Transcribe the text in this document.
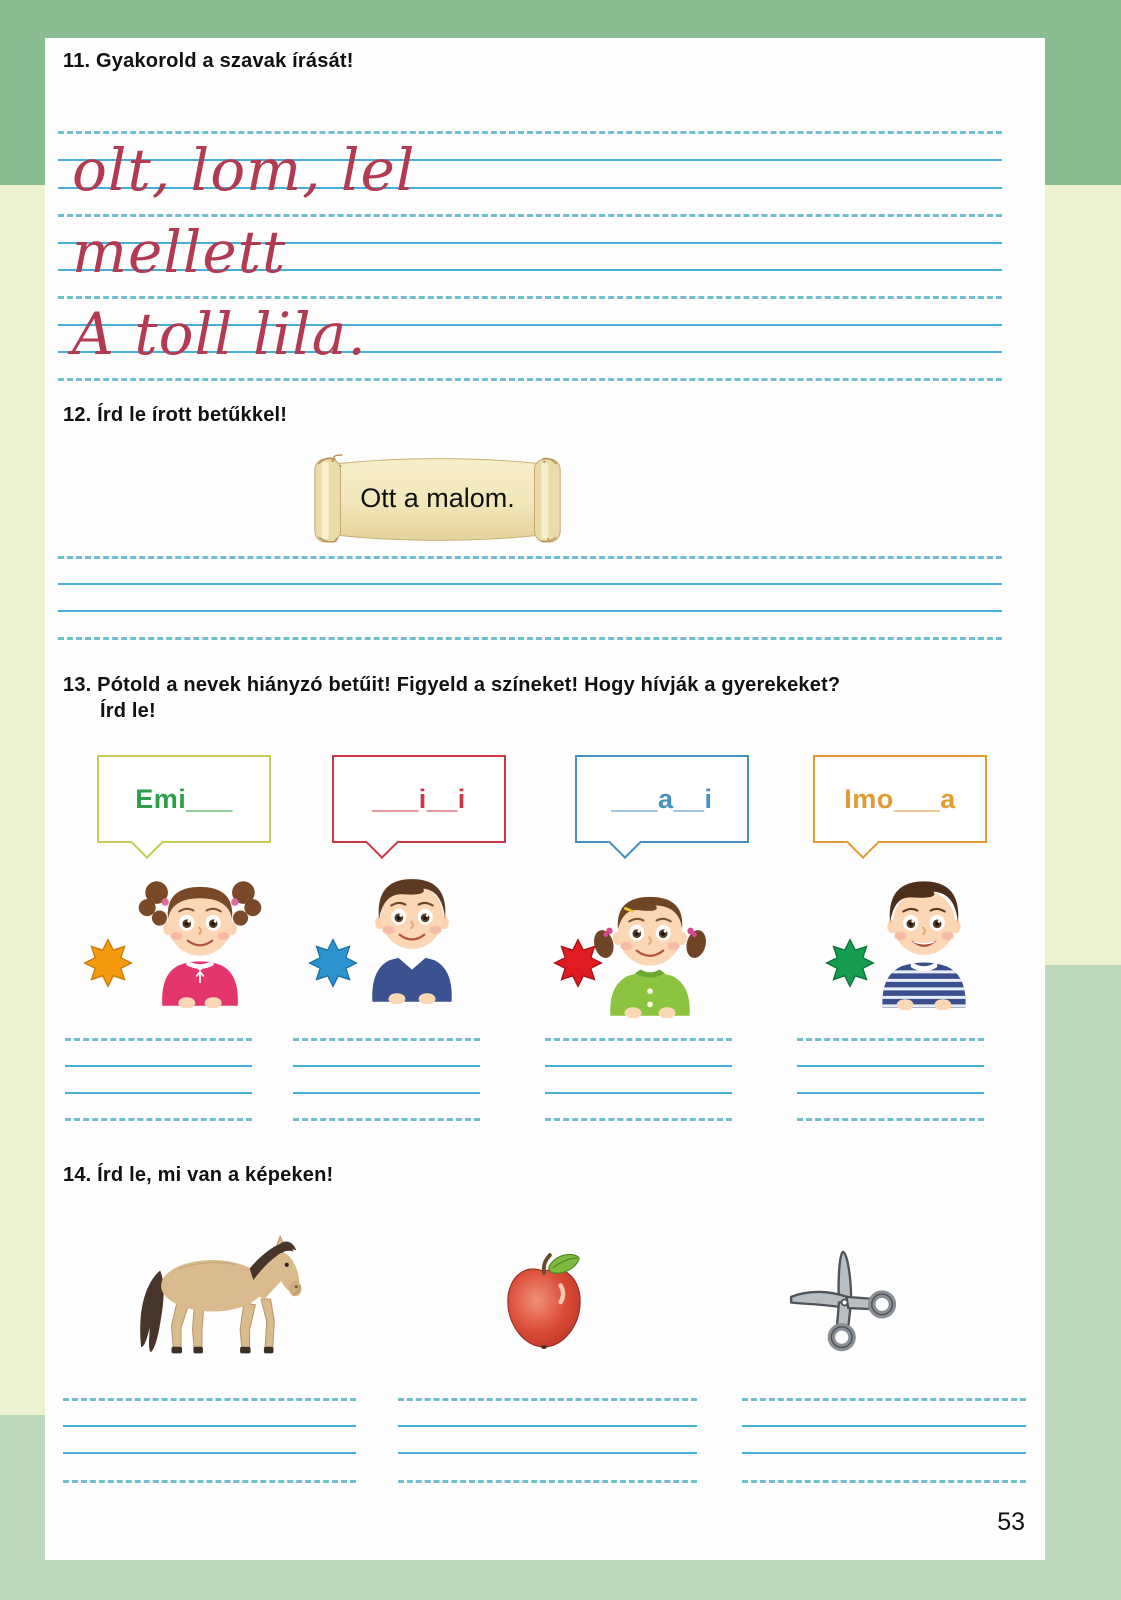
11. Gyakorold a szavak írását!
olt, lom, lel
mellett
A toll lila.
12. Írd le írott betűkkel!
Ott a malom.
13. Pótold a nevek hiányzó betűit! Figyeld a színeket! Hogy hívják a gyerekeket?
Írd le!
Emi___	___i__i	___a__i	Imo___a
14. Írd le, mi van a képeken!
53
